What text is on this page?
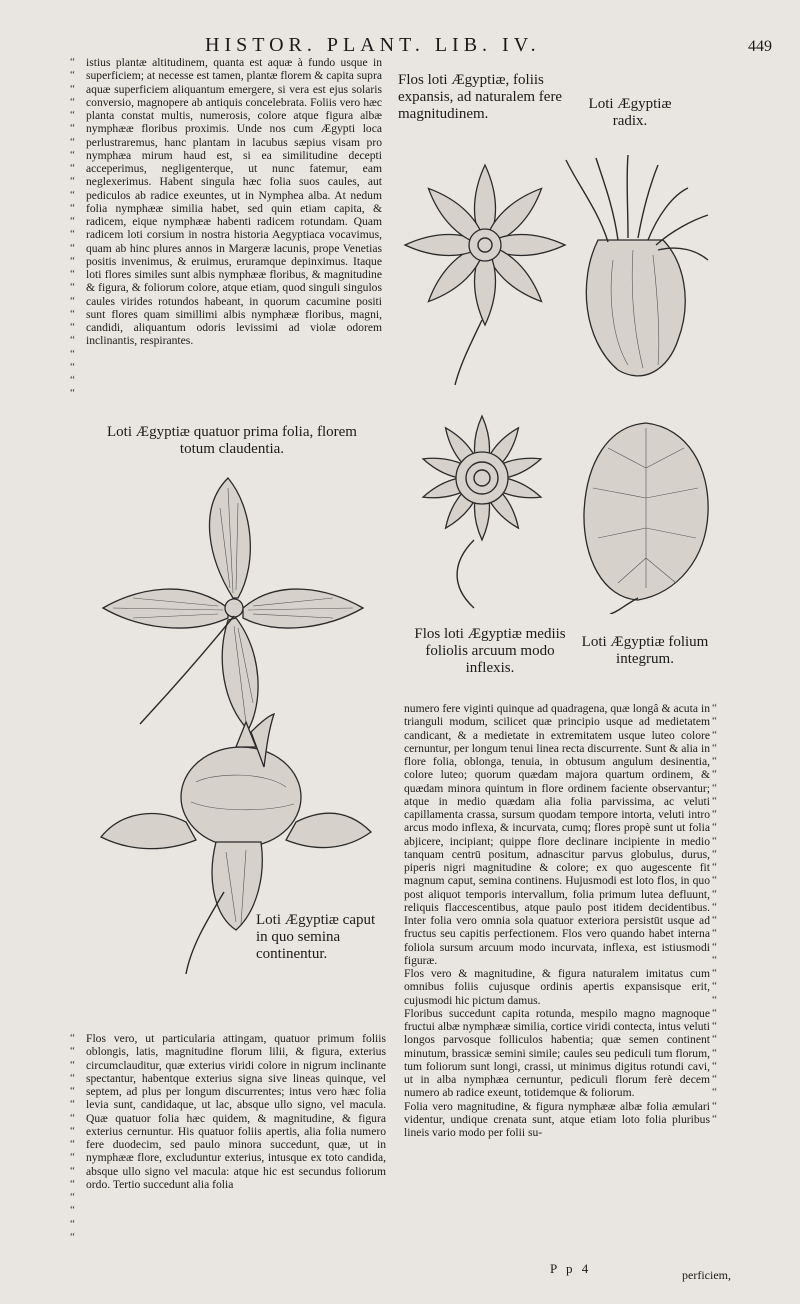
HISTOR. PLANT. LIB. IV.	449

istius plantæ altitudinem, quanta est aquæ à fundo usque in superficiem; at necesse est tamen, plantæ florem & capita supra aquæ superficiem aliquantum emergere, si vera est ejus solaris conversio, magnopere ab antiquis concelebrata. Foliis vero hæc planta constat multis, numerosis, colore atque figura albæ nymphææ floribus proximis. Unde nos cum Ægypti loca perlustraremus, hanc plantam in lacubus sæpius visam pro nymphæa mirum haud est, si ea similitudine decepti acceperimus, negligenterque, ut nunc fatemur, eam neglexerimus. Habent singula hæc folia suos caules, aut pediculos ab radice exeuntes, ut in Nymphea alba. At nedum folia nymphææ similia habet, sed quin etiam capita, & radicem, eique nymphææ habenti radicem rotundam. Quam radicem loti corsium in nostra historia Aegyptiaca vocavimus, quam ab hinc plures annos in Margeræ lacunis, prope Venetias positis invenimus, & eruimus, eruramque depinximus. Itaque loti flores similes sunt albis nymphææ floribus, & magnitudine & figura, & foliorum colore, atque etiam, quod singuli singulos caules virides rotundos habeant, in quorum cacumine positi sunt flores quam simillimi albis nymphææ floribus, magni, candidi, aliquantum odoris levissimi ad violæ odorem inclinantis, respirantes.

“
“
“
“
“
“
“
“
“
“
“
“
“
“
“
“
“
“
“
“
“
“
“
“
“
“
Loti Ægyptiæ quatuor prima folia, florem totum claudentia.
Loti Ægyptiæ caput in quo semina continentur.

Flos vero, ut particularia attingam, quatuor primum foliis oblongis, latis, magnitudine florum lilii, & figura, exterius circumclauditur, quæ exterius viridi colore in nigrum inclinante spectantur, habentque exterius signa sive lineas quinque, vel septem, ad plus per longum discurrentes; intus vero hæc folia levia sunt, candidaque, ut lac, absque ullo signo, vel macula. Quæ quatuor folia hæc quidem, & magnitudine, & figura exterius cernuntur. His quatuor foliis apertis, alia folia numero fere duodecim, sed paulo minora succedunt, quæ, ut in nymphææ flore, excluduntur exterius, intusque ex toto candida, absque ullo signo vel macula: atque hic est secundus foliorum ordo. Tertio succedunt alia folia

“
“
“
“
“
“
“
“
“
“
“
“
“
“
“
“
Flos loti Ægyptiæ, foliis expansis, ad naturalem fere magnitudinem.
Loti Ægyptiæ radix.
Flos loti Ægyptiæ mediis foliolis arcuum modo inflexis.
Loti Ægyptiæ folium integrum.

numero fere viginti quinque ad quadragena, quæ longâ & acuta in trianguli modum, scilicet quæ principio usque ad medietatem candicant, & a medietate in extremitatem usque luteo colore cernuntur, per longum tenui linea recta discurrente. Sunt & alia in flore folia, oblonga, tenuia, in obtusum angulum desinentia, colore luteo; quorum quædam majora quartum ordinem, & quædam minora quintum in flore ordinem faciente observantur; atque in medio quædam alia folia parvissima, ac veluti capillamenta crassa, sursum quodam tempore intorta, veluti intro arcus modo inflexa, & incurvata, cumq; flores propè sunt ut folia abjicere, incipiant; quippe flore declinare incipiente in medio tanquam centrū positum, adnascitur parvus globulus, durus, piperis nigri magnitudine & colore; ex quo augescente fit magnum caput, semina continens. Hujusmodi est loto flos, in quo post aliquot temporis intervallum, folia primum lutea defluunt, reliquis flaccescentibus, atque paulo post itidem decidentibus. Inter folia vero omnia sola quatuor exteriora persistūt usque ad fructus seu capitis perfectionem. Flos vero quando habet interna foliola sursum arcuum modo incurvata, inflexa, est istiusmodi figuræ.
Flos vero & magnitudine, & figura naturalem imitatus cum omnibus foliis cujusque ordinis apertis expansisque erit, cujusmodi hic pictum damus.
Floribus succedunt capita rotunda, mespilo magno magnoque fructui albæ nymphææ similia, cortice viridi contecta, intus veluti longos parvosque folliculos habentia; quæ semen continent minutum, brassicæ semini simile; caules seu pediculi tum florum, tum foliorum sunt longi, crassi, ut minimus digitus rotundi cavi, ut in alba nymphæa cernuntur, pediculi florum ferè decem numero ab radice exeunt, totidemque & foliorum.
Folia vero magnitudine, & figura nymphææ albæ folia æmulari videntur, undique crenata sunt, atque etiam loto folia pluribus lineis vario modo per folii su-

“
“
“
“
“
“
“
“
“
“
“
“
“
“
“
“
“
“
“
“
“
“
“
“
“
“
“
“
“
“
“
“
P p 4	perficiem,
